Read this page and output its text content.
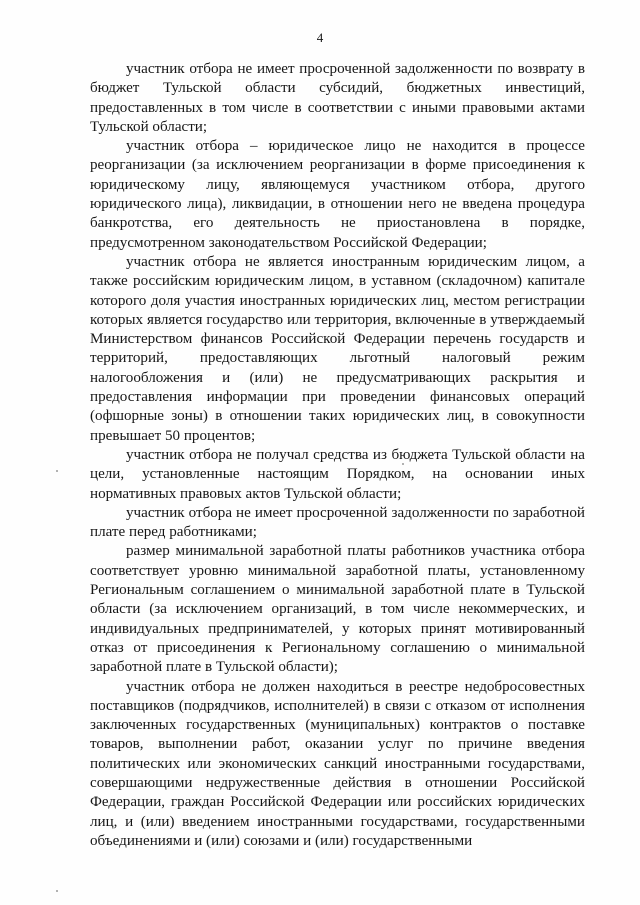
4

участник отбора не имеет просроченной задолженности по возврату в бюджет Тульской области субсидий, бюджетных инвестиций, предоставленных в том числе в соответствии с иными правовыми актами Тульской области;

участник отбора – юридическое лицо не находится в процессе реорганизации (за исключением реорганизации в форме присоединения к юридическому лицу, являющемуся участником отбора, другого юридического лица), ликвидации, в отношении него не введена процедура банкротства, его деятельность не приостановлена в порядке, предусмотренном законодательством Российской Федерации;

участник отбора не является иностранным юридическим лицом, а также российским юридическим лицом, в уставном (складочном) капитале которого доля участия иностранных юридических лиц, местом регистрации которых является государство или территория, включенные в утверждаемый Министерством финансов Российской Федерации перечень государств и территорий, предоставляющих льготный налоговый режим налогообложения и (или) не предусматривающих раскрытия и предоставления информации при проведении финансовых операций (офшорные зоны) в отношении таких юридических лиц, в совокупности превышает 50 процентов;

участник отбора не получал средства из бюджета Тульской области на цели, установленные настоящим Порядком, на основании иных нормативных правовых актов Тульской области;

участник отбора не имеет просроченной задолженности по заработной плате перед работниками;

размер минимальной заработной платы работников участника отбора соответствует уровню минимальной заработной платы, установленному Региональным соглашением о минимальной заработной плате в Тульской области (за исключением организаций, в том числе некоммерческих, и индивидуальных предпринимателей, у которых принят мотивированный отказ от присоединения к Региональному соглашению о минимальной заработной плате в Тульской области);

участник отбора не должен находиться в реестре недобросовестных поставщиков (подрядчиков, исполнителей) в связи с отказом от исполнения заключенных государственных (муниципальных) контрактов о поставке товаров, выполнении работ, оказании услуг по причине введения политических или экономических санкций иностранными государствами, совершающими недружественные действия в отношении Российской Федерации, граждан Российской Федерации или российских юридических лиц, и (или) введением иностранными государствами, государственными объединениями и (или) союзами и (или) государственными
